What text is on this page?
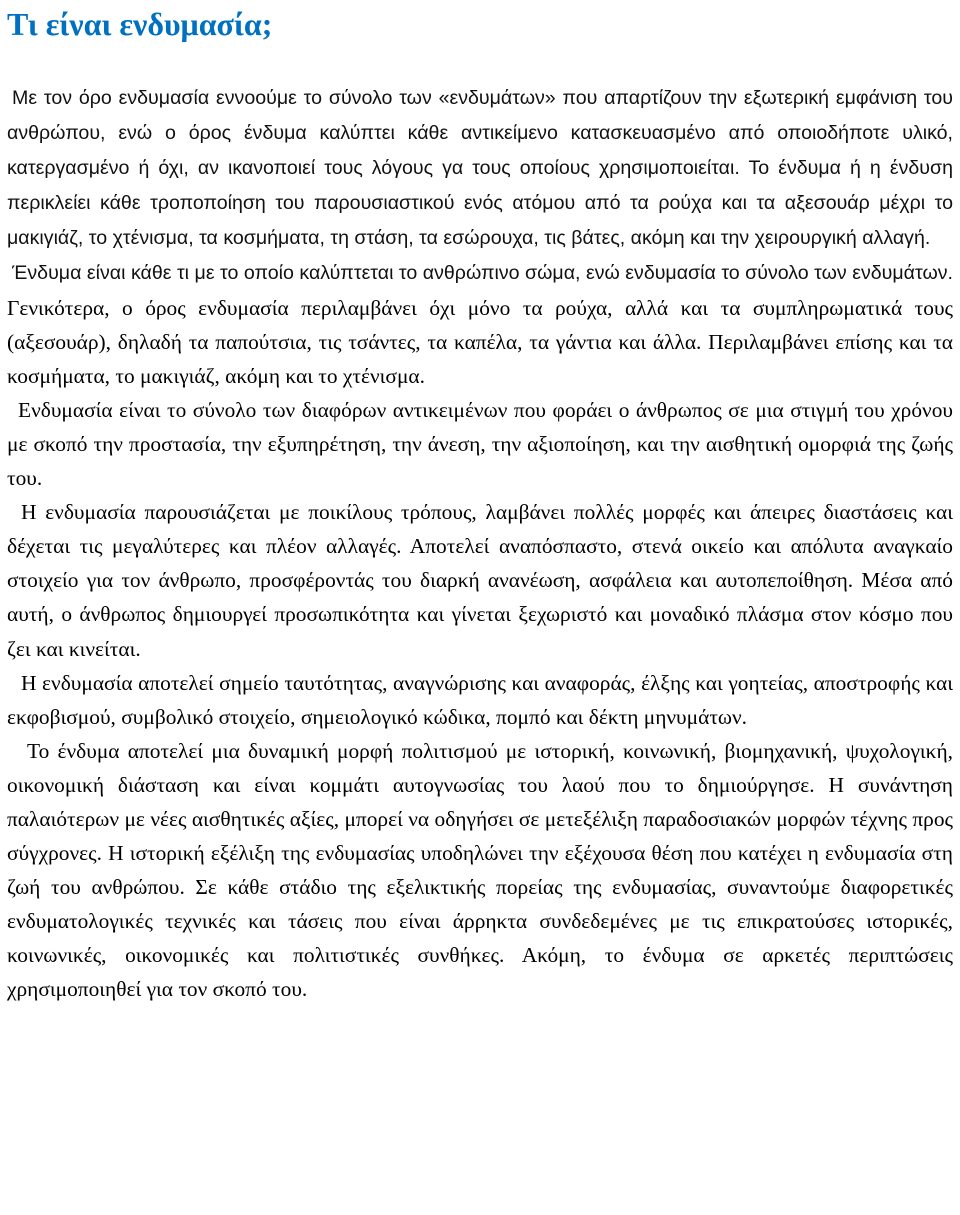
Τι είναι ενδυμασία;

Με τον όρο ενδυμασία εννοούμε το σύνολο των «ενδυμάτων» που απαρτίζουν την εξωτερική εμφάνιση του ανθρώπου, ενώ ο όρος ένδυμα καλύπτει κάθε αντικείμενο κατασκευασμένο από οποιοδήποτε υλικό, κατεργασμένο ή όχι, αν ικανοποιεί τους λόγους γα τους οποίους χρησιμοποιείται. Το ένδυμα ή η ένδυση περικλείει κάθε τροποποίηση του παρουσιαστικού ενός ατόμου από τα ρούχα και τα αξεσουάρ μέχρι το μακιγιάζ, το χτένισμα, τα κοσμήματα, τη στάση, τα εσώρουχα, τις βάτες, ακόμη και την χειρουργική αλλαγή.

Ένδυμα είναι κάθε τι με το οποίο καλύπτεται το ανθρώπινο σώμα, ενώ ενδυμασία το σύνολο των ενδυμάτων. Γενικότερα, ο όρος ενδυμασία περιλαμβάνει όχι μόνο τα ρούχα, αλλά και τα συμπληρωματικά τους (αξεσουάρ), δηλαδή τα παπούτσια, τις τσάντες, τα καπέλα, τα γάντια και άλλα. Περιλαμβάνει επίσης και τα κοσμήματα, το μακιγιάζ, ακόμη και το χτένισμα.

Ενδυμασία είναι το σύνολο των διαφόρων αντικειμένων που φοράει ο άνθρωπος σε μια στιγμή του χρόνου με σκοπό την προστασία, την εξυπηρέτηση, την άνεση, την αξιοποίηση, και την αισθητική ομορφιά της ζωής του.

Η ενδυμασία παρουσιάζεται με ποικίλους τρόπους, λαμβάνει πολλές μορφές και άπειρες διαστάσεις και δέχεται τις μεγαλύτερες και πλέον αλλαγές. Αποτελεί αναπόσπαστο, στενά οικείο και απόλυτα αναγκαίο στοιχείο για τον άνθρωπο, προσφέροντάς του διαρκή ανανέωση, ασφάλεια και αυτοπεποίθηση. Μέσα από αυτή, ο άνθρωπος δημιουργεί προσωπικότητα και γίνεται ξεχωριστό και μοναδικό πλάσμα στον κόσμο που ζει και κινείται.

Η ενδυμασία αποτελεί σημείο ταυτότητας, αναγνώρισης και αναφοράς, έλξης και γοητείας, αποστροφής και εκφοβισμού, συμβολικό στοιχείο, σημειολογικό κώδικα, πομπό και δέκτη μηνυμάτων.

Το ένδυμα αποτελεί μια δυναμική μορφή πολιτισμού με ιστορική, κοινωνική, βιομηχανική, ψυχολογική, οικονομική διάσταση και είναι κομμάτι αυτογνωσίας του λαού που το δημιούργησε. Η συνάντηση παλαιότερων με νέες αισθητικές αξίες, μπορεί να οδηγήσει σε μετεξέλιξη παραδοσιακών μορφών τέχνης προς σύγχρονες. Η ιστορική εξέλιξη της ενδυμασίας υποδηλώνει την εξέχουσα θέση που κατέχει η ενδυμασία στη ζωή του ανθρώπου. Σε κάθε στάδιο της εξελικτικής πορείας της ενδυμασίας, συναντούμε διαφορετικές ενδυματολογικές τεχνικές και τάσεις που είναι άρρηκτα συνδεδεμένες με τις επικρατούσες ιστορικές, κοινωνικές, οικονομικές και πολιτιστικές συνθήκες. Ακόμη, το ένδυμα σε αρκετές περιπτώσεις χρησιμοποιηθεί για τον σκοπό του.
